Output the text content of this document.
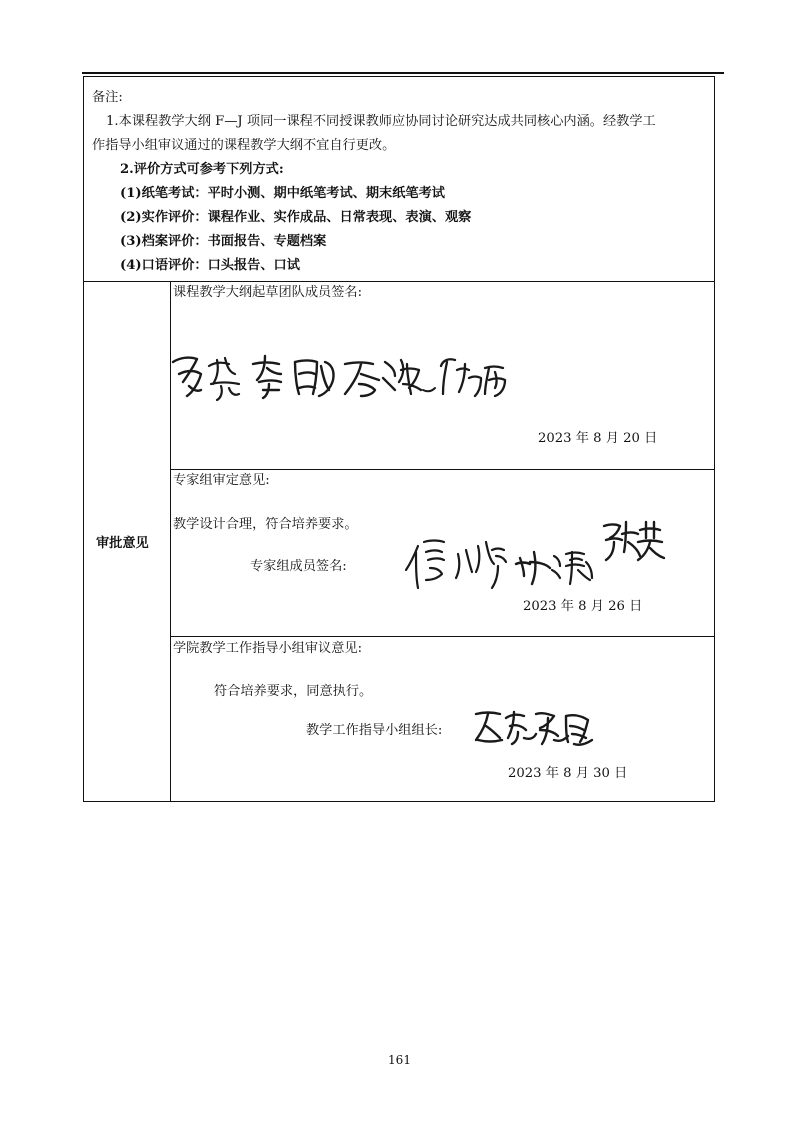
备注:
1.本课程教学大纲 F—J 项同一课程不同授课教师应协同讨论研究达成共同核心内涵。经教学工
作指导小组审议通过的课程教学大纲不宜自行更改。
2.评价方式可参考下列方式:
(1)纸笔考试：平时小测、期中纸笔考试、期末纸笔考试
(2)实作评价：课程作业、实作成品、日常表现、表演、观察
(3)档案评价：书面报告、专题档案
(4)口语评价：口头报告、口试
审批意见
课程教学大纲起草团队成员签名:
2023 年 8 月 20 日
专家组审定意见:
教学设计合理，符合培养要求。
专家组成员签名:
2023 年 8 月 26 日
学院教学工作指导小组审议意见:
符合培养要求，同意执行。
教学工作指导小组组长:
2023 年 8 月 30 日
161
